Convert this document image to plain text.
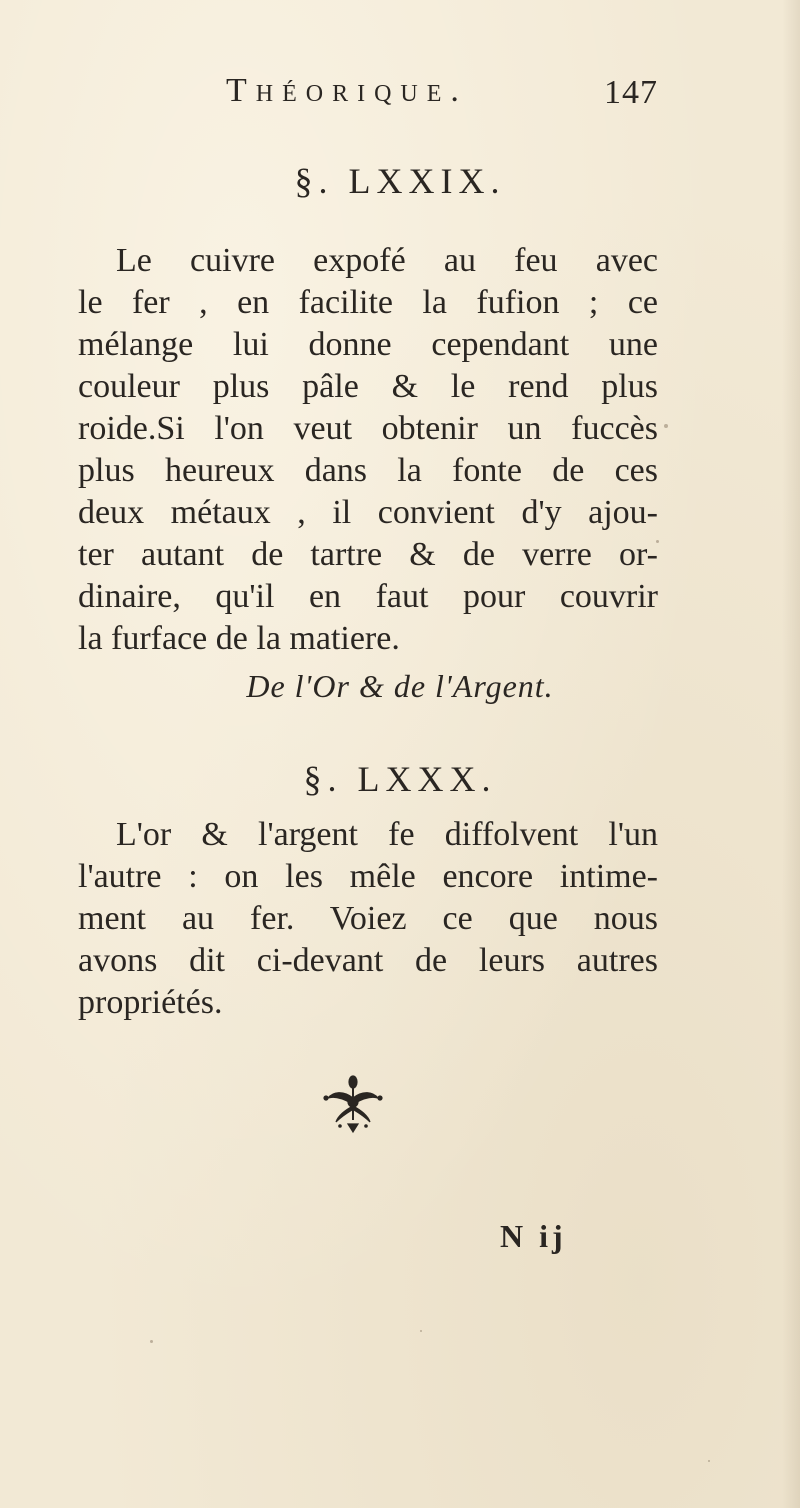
Théorique.	147
§. LXXIX.
Le cuivre expofé au feu avec
le fer , en facilite la fufion ; ce
mélange lui donne cependant une
couleur plus pâle & le rend plus
roide.Si l'on veut obtenir un fuccès
plus heureux dans la fonte de ces
deux métaux , il convient d'y ajou-
ter autant de tartre & de verre or-
dinaire, qu'il en faut pour couvrir
la furface de la matiere.
De l'Or & de l'Argent.
§. LXXX.
L'or & l'argent fe diffolvent l'un
l'autre : on les mêle encore intime-
ment au fer. Voiez ce que nous
avons dit ci-devant de leurs autres
propriétés.
N ij
